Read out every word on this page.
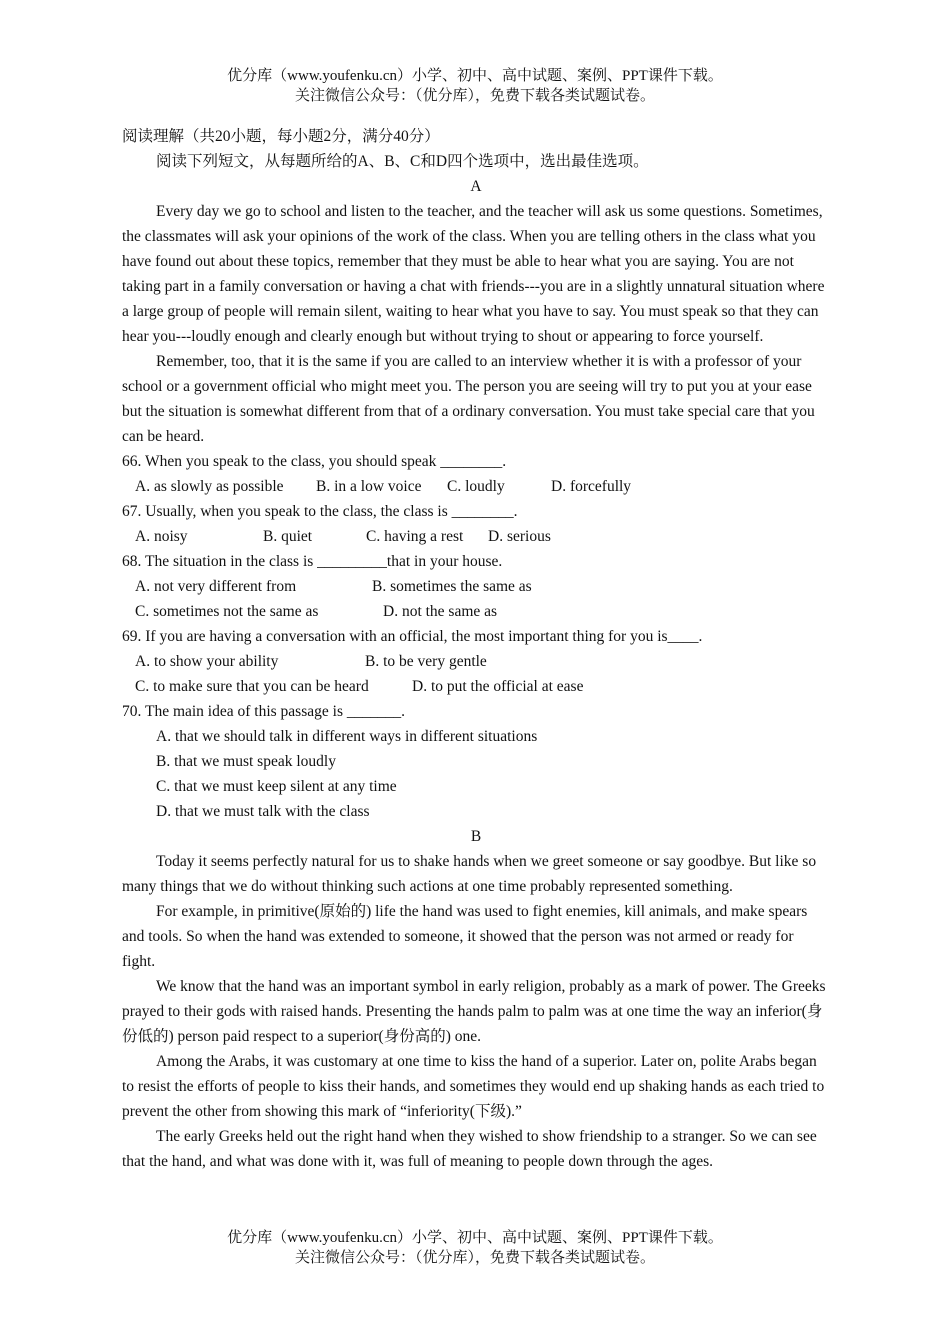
优分库（www.youfenku.cn）小学、初中、高中试题、案例、PPT课件下载。
关注微信公众号：（优分库），免费下载各类试题试卷。

阅读理解（共20小题，每小题2分，满分40分）

阅读下列短文，从每题所给的A、B、C和D四个选项中，选出最佳选项。

A

Every day we go to school and listen to the teacher, and the teacher will ask us some questions. Sometimes, the classmates will ask your opinions of the work of the class. When you are telling others in the class what you have found out about these topics, remember that they must be able to hear what you are saying. You are not taking part in a family conversation or having a chat with friends---you are in a slightly unnatural situation where a large group of people will remain silent, waiting to hear what you have to say. You must speak so that they can hear you---loudly enough and clearly enough but without trying to shout or appearing to force yourself.

Remember, too, that it is the same if you are called to an interview whether it is with a professor of your school or a government official who might meet you. The person you are seeing will try to put you at your ease but the situation is somewhat different from that of a ordinary conversation. You must take special care that you can be heard.

66. When you speak to the class, you should speak ________.

A. as slowly as possible B. in a low voice C. loudly	D. forcefully

67. Usually, when you speak to the class, the class is ________.

A. noisy	B. quiet	C. having a rest D. serious

68. The situation in the class is _________that in your house.

A. not very different from	B. sometimes the same as

C. sometimes not the same as	D. not the same as

69. If you are having a conversation with an official, the most important thing for you is____.

A. to show your ability	B. to be very gentle

C. to make sure that you can be heard	D. to put the official at ease

70. The main idea of this passage is _______.

A. that we should talk in different ways in different situations

B. that we must speak loudly

C. that we must keep silent at any time

D. that we must talk with the class

B

Today it seems perfectly natural for us to shake hands when we greet someone or say goodbye. But like so many things that we do without thinking such actions at one time probably represented something.

For example, in primitive(原始的) life the hand was used to fight enemies, kill animals, and make spears and tools. So when the hand was extended to someone, it showed that the person was not armed or ready for fight.

We know that the hand was an important symbol in early religion, probably as a mark of power. The Greeks prayed to their gods with raised hands. Presenting the hands palm to palm was at one time the way an inferior(身份低的) person paid respect to a superior(身份高的) one.

Among the Arabs, it was customary at one time to kiss the hand of a superior. Later on, polite Arabs began to resist the efforts of people to kiss their hands, and sometimes they would end up shaking hands as each tried to prevent the other from showing this mark of “inferiority(下级).”

The early Greeks held out the right hand when they wished to show friendship to a stranger. So we can see that the hand, and what was done with it, was full of meaning to people down through the ages.

优分库（www.youfenku.cn）小学、初中、高中试题、案例、PPT课件下载。
关注微信公众号：（优分库），免费下载各类试题试卷。
